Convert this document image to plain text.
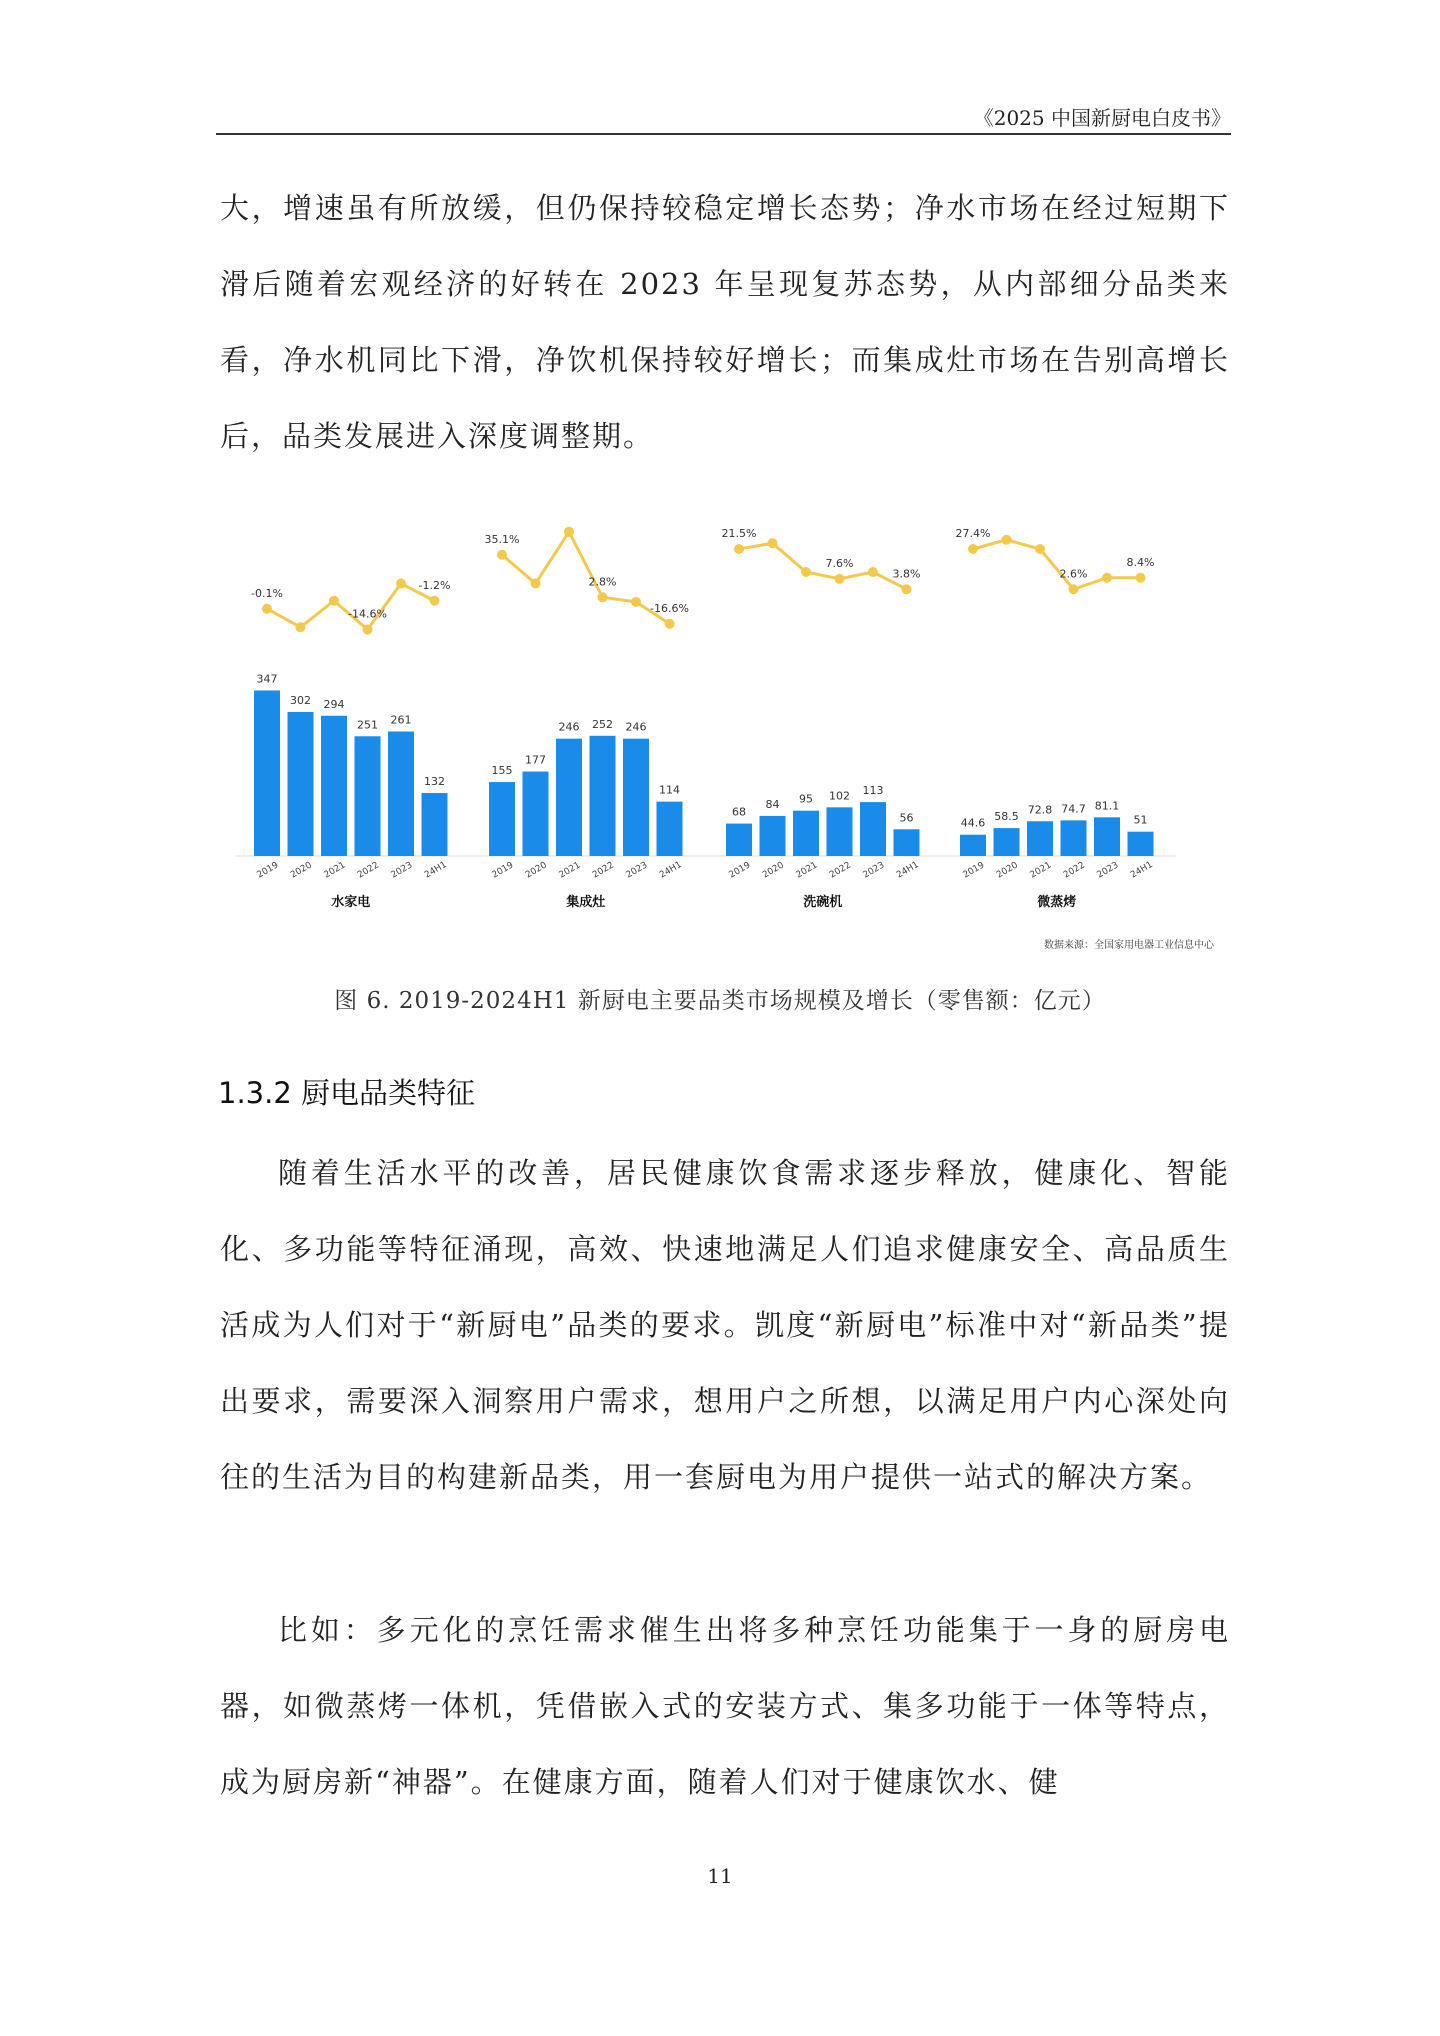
《2025 中国新厨电白皮书》

大，增速虽有所放缓，但仍保持较稳定增长态势；净水市场在经过短期下滑后随着宏观经济的好转在 2023 年呈现复苏态势，从内部细分品类来看，净水机同比下滑，净饮机保持较好增长；而集成灶市场在告别高增长后，品类发展进入深度调整期。

347
2019
302
2020
294
2021
251
2022
261
2023
132
24H1
-0.1%
-14.6%
-1.2%
水家电
155
2019
177
2020
246
2021
252
2022
246
2023
114
24H1
35.1%
2.8%
-16.6%
集成灶
68
2019
84
2020
95
2021
102
2022
113
2023
56
24H1
21.5%
7.6%
3.8%
洗碗机
44.6
2019
58.5
2020
72.8
2021
74.7
2022
81.1
2023
51
24H1
27.4%
2.6%
8.4%
微蒸烤
数据来源：全国家用电器工业信息中心
图 6. 2019-2024H1 新厨电主要品类市场规模及增长（零售额：亿元）
1.3.2 厨电品类特征

随着生活水平的改善，居民健康饮食需求逐步释放，健康化、智能化、多功能等特征涌现，高效、快速地满足人们追求健康安全、高品质生活成为人们对于“新厨电”品类的要求。凯度“新厨电”标准中对“新品类”提出要求，需要深入洞察用户需求，想用户之所想，以满足用户内心深处向往的生活为目的构建新品类，用一套厨电为用户提供一站式的解决方案。

比如：多元化的烹饪需求催生出将多种烹饪功能集于一身的厨房电器，如微蒸烤一体机，凭借嵌入式的安装方式、集多功能于一体等特点，成为厨房新“神器”。在健康方面，随着人们对于健康饮水、健

11
